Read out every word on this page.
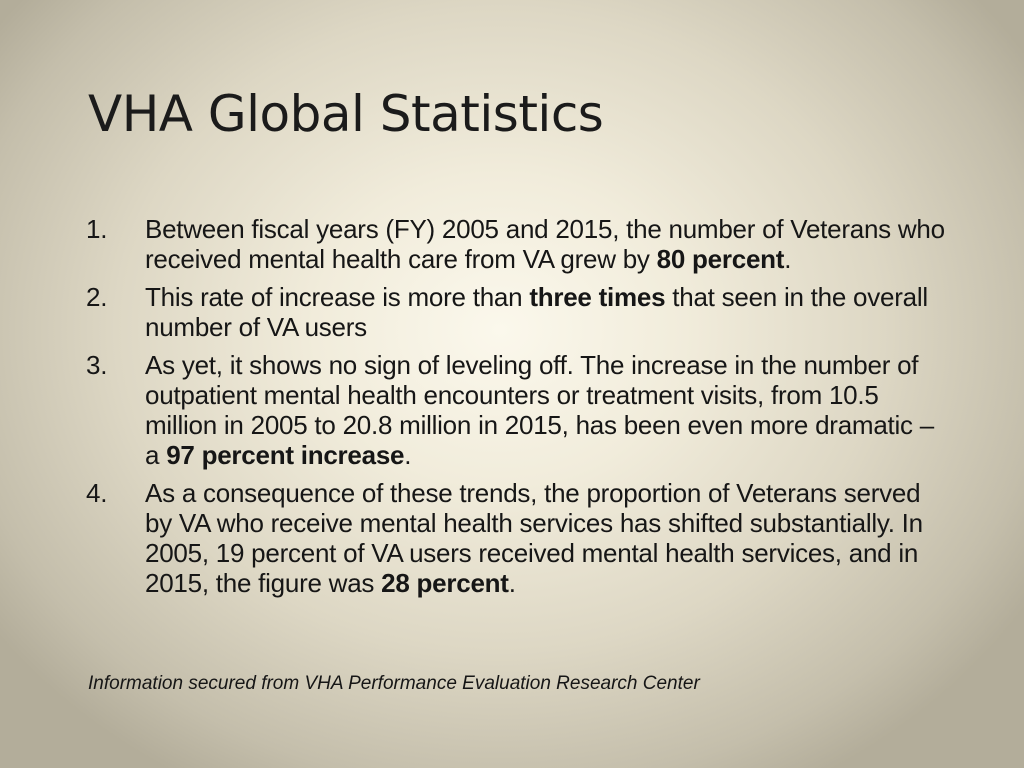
VHA Global Statistics
1. Between fiscal years (FY) 2005 and 2015, the number of Veterans who received mental health care from VA grew by 80 percent.
2. This rate of increase is more than three times that seen in the overall number of VA users
3. As yet, it shows no sign of leveling off. The increase in the number of outpatient mental health encounters or treatment visits, from 10.5 million in 2005 to 20.8 million in 2015, has been even more dramatic – a 97 percent increase.
4. As a consequence of these trends, the proportion of Veterans served by VA who receive mental health services has shifted substantially. In 2005, 19 percent of VA users received mental health services, and in 2015, the figure was 28 percent.

Information secured from VHA Performance Evaluation Research Center
